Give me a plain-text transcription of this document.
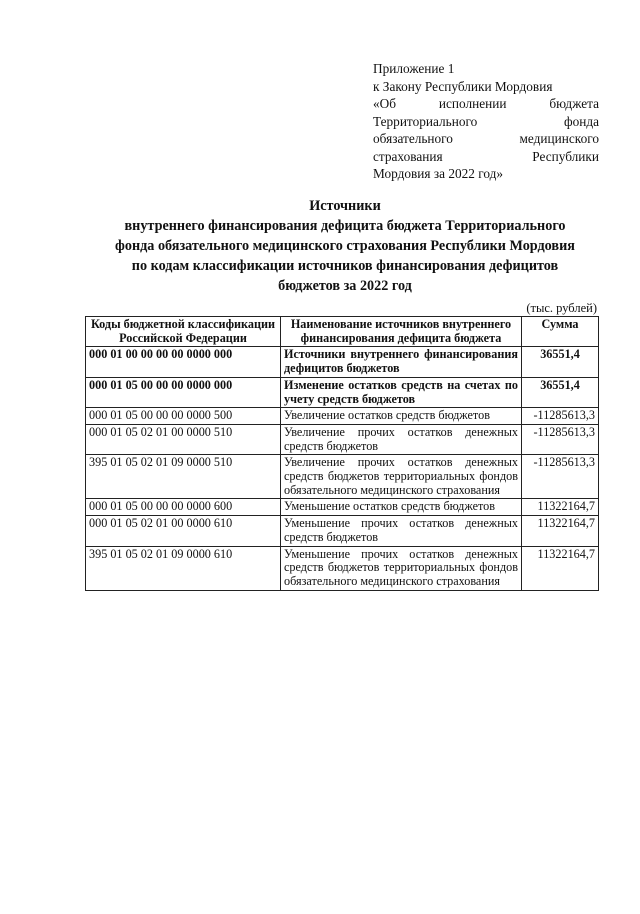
Приложение 1
к Закону Республики Мордовия
«Об исполнении бюджета
Территориального фонда
обязательного медицинского
страхования Республики
Мордовия за 2022 год»
Источники
внутреннего финансирования дефицита бюджета Территориального
фонда обязательного медицинского страхования Республики Мордовия
по кодам классификации источников финансирования дефицитов
бюджетов за 2022 год
(тыс. рублей)
Коды бюджетной классификации Российской Федерации	Наименование источников внутреннего финансирования дефицита бюджета	Сумма
000 01 00 00 00 00 0000 000	Источники внутреннего финансирования дефицитов бюджетов	36551,4
000 01 05 00 00 00 0000 000	Изменение остатков средств на счетах по учету средств бюджетов	36551,4
000 01 05 00 00 00 0000 500	Увеличение остатков средств бюджетов	-11285613,3
000 01 05 02 01 00 0000 510	Увеличение прочих остатков денежных средств бюджетов	-11285613,3
395 01 05 02 01 09 0000 510	Увеличение прочих остатков денежных средств бюджетов территориальных фондов обязательного медицинского страхования	-11285613,3
000 01 05 00 00 00 0000 600	Уменьшение остатков средств бюджетов	11322164,7
000 01 05 02 01 00 0000 610	Уменьшение прочих остатков денежных средств бюджетов	11322164,7
395 01 05 02 01 09 0000 610	Уменьшение прочих остатков денежных средств бюджетов территориальных фондов обязательного медицинского страхования	11322164,7
